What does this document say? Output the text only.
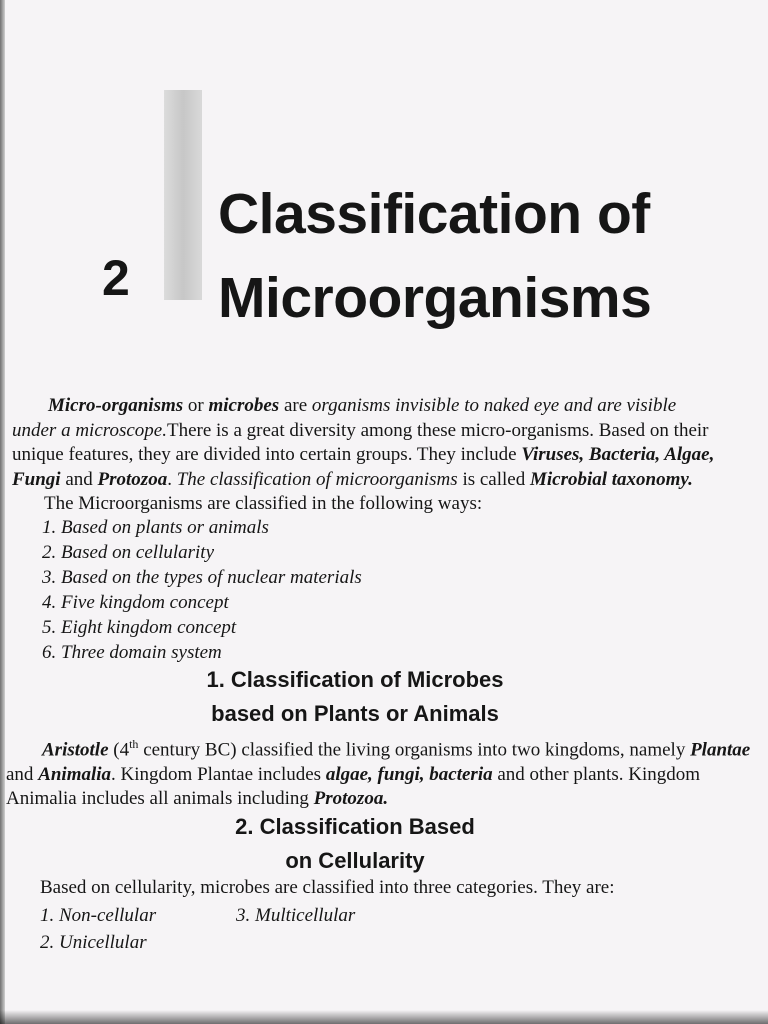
2
Classification of
Microorganisms
Micro-organisms or microbes are organisms invisible to naked eye and are visible
under a microscope.There is a great diversity among these micro-organisms. Based on their
unique features, they are divided into certain groups. They include Viruses, Bacteria, Algae,
Fungi and Protozoa. The classification of microorganisms is called Microbial taxonomy.
The Microorganisms are classified in the following ways:
1. Based on plants or animals
2. Based on cellularity
3. Based on the types of nuclear materials
4. Five kingdom concept
5. Eight kingdom concept
6. Three domain system
1. Classification of Microbes
based on Plants or Animals
Aristotle (4th century BC) classified the living organisms into two kingdoms, namely Plantae
and Animalia. Kingdom Plantae includes algae, fungi, bacteria and other plants. Kingdom
Animalia includes all animals including Protozoa.
2. Classification Based
on Cellularity
Based on cellularity, microbes are classified into three categories. They are:
1. Non-cellular
2. Unicellular
3. Multicellular
